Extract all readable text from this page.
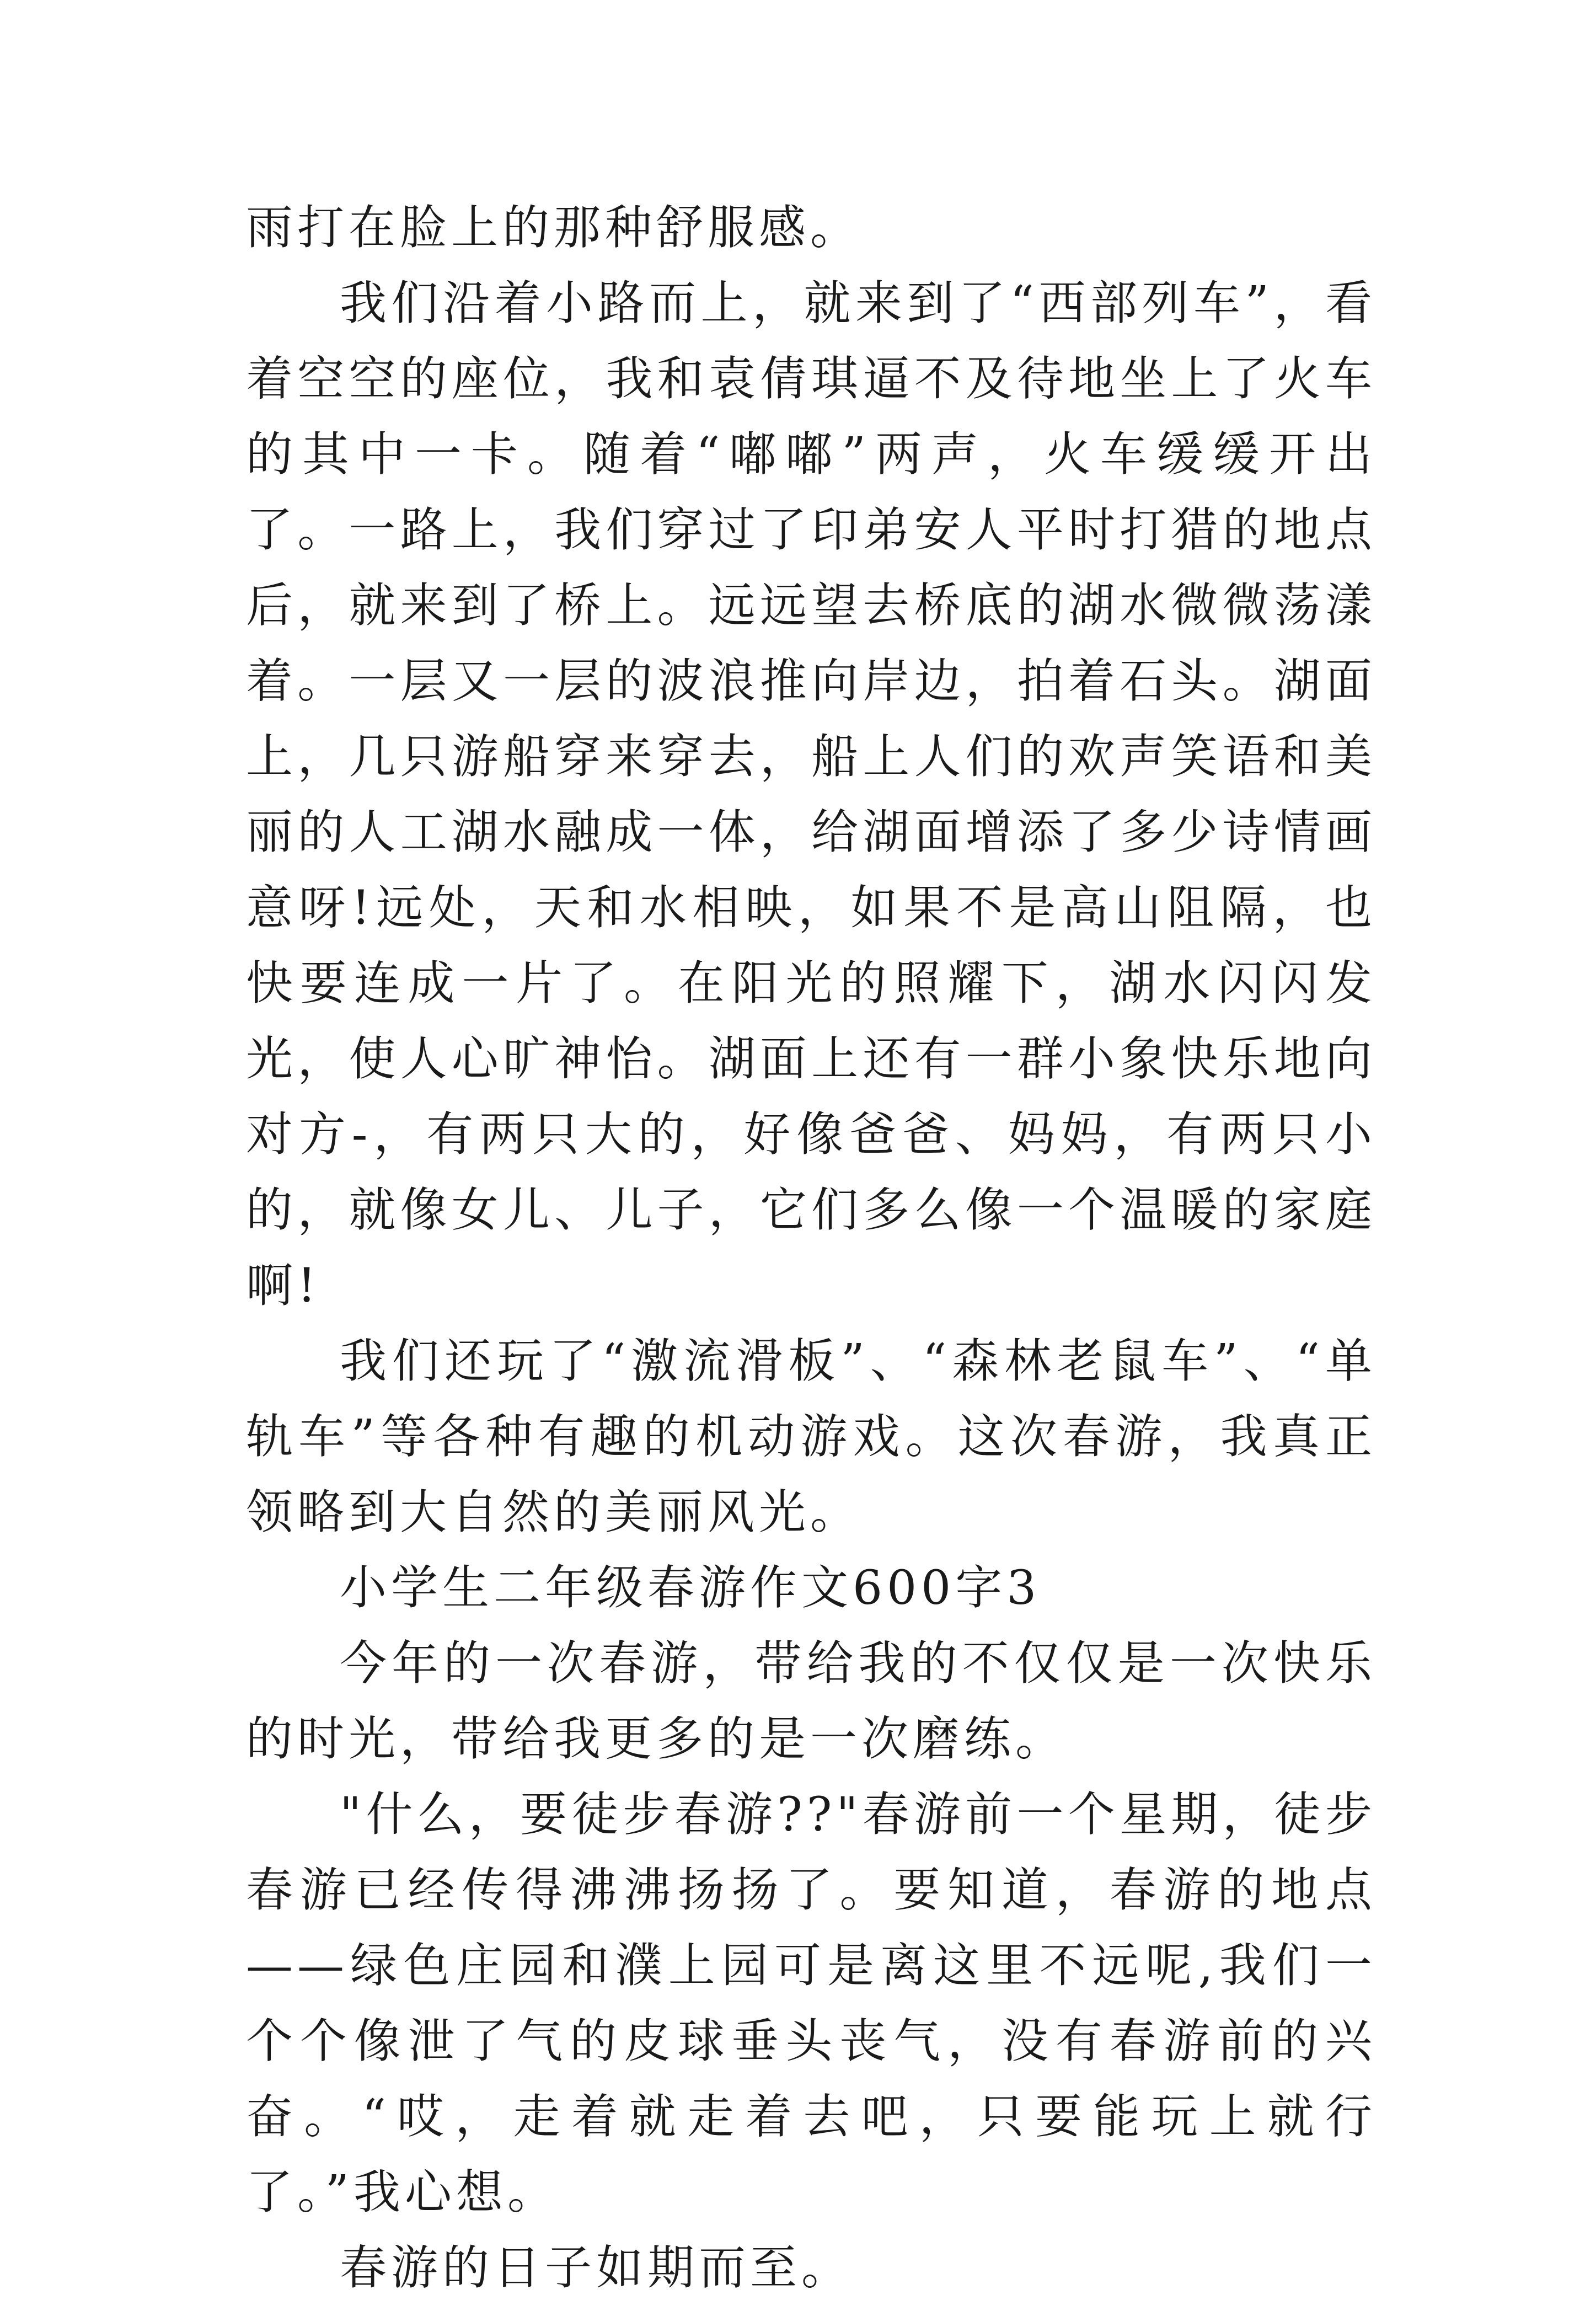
雨打在脸上的那种舒服感。

我们沿着小路而上，就来到了“西部列车”，看着空空的座位，我和袁倩琪逼不及待地坐上了火车的其中一卡。随着“嘟嘟”两声，火车缓缓开出了。一路上，我们穿过了印弟安人平时打猎的地点后，就来到了桥上。远远望去桥底的湖水微微荡漾着。一层又一层的波浪推向岸边，拍着石头。湖面上，几只游船穿来穿去，船上人们的欢声笑语和美丽的人工湖水融成一体，给湖面增添了多少诗情画意呀!远处，天和水相映，如果不是高山阻隔，也快要连成一片了。在阳光的照耀下，湖水闪闪发光，使人心旷神怡。湖面上还有一群小象快乐地向对方-，有两只大的，好像爸爸、妈妈，有两只小的，就像女儿、儿子，它们多么像一个温暖的家庭啊!

我们还玩了“激流滑板”、“森林老鼠车”、“单轨车”等各种有趣的机动游戏。这次春游，我真正领略到大自然的美丽风光。

小学生二年级春游作文600字3

今年的一次春游，带给我的不仅仅是一次快乐的时光，带给我更多的是一次磨练。

"什么，要徒步春游??"春游前一个星期，徒步春游已经传得沸沸扬扬了。要知道，春游的地点——绿色庄园和濮上园可是离这里不远呢,我们一个个像泄了气的皮球垂头丧气，没有春游前的兴奋。“哎，走着就走着去吧，只要能玩上就行了。”我心想。

春游的日子如期而至。
